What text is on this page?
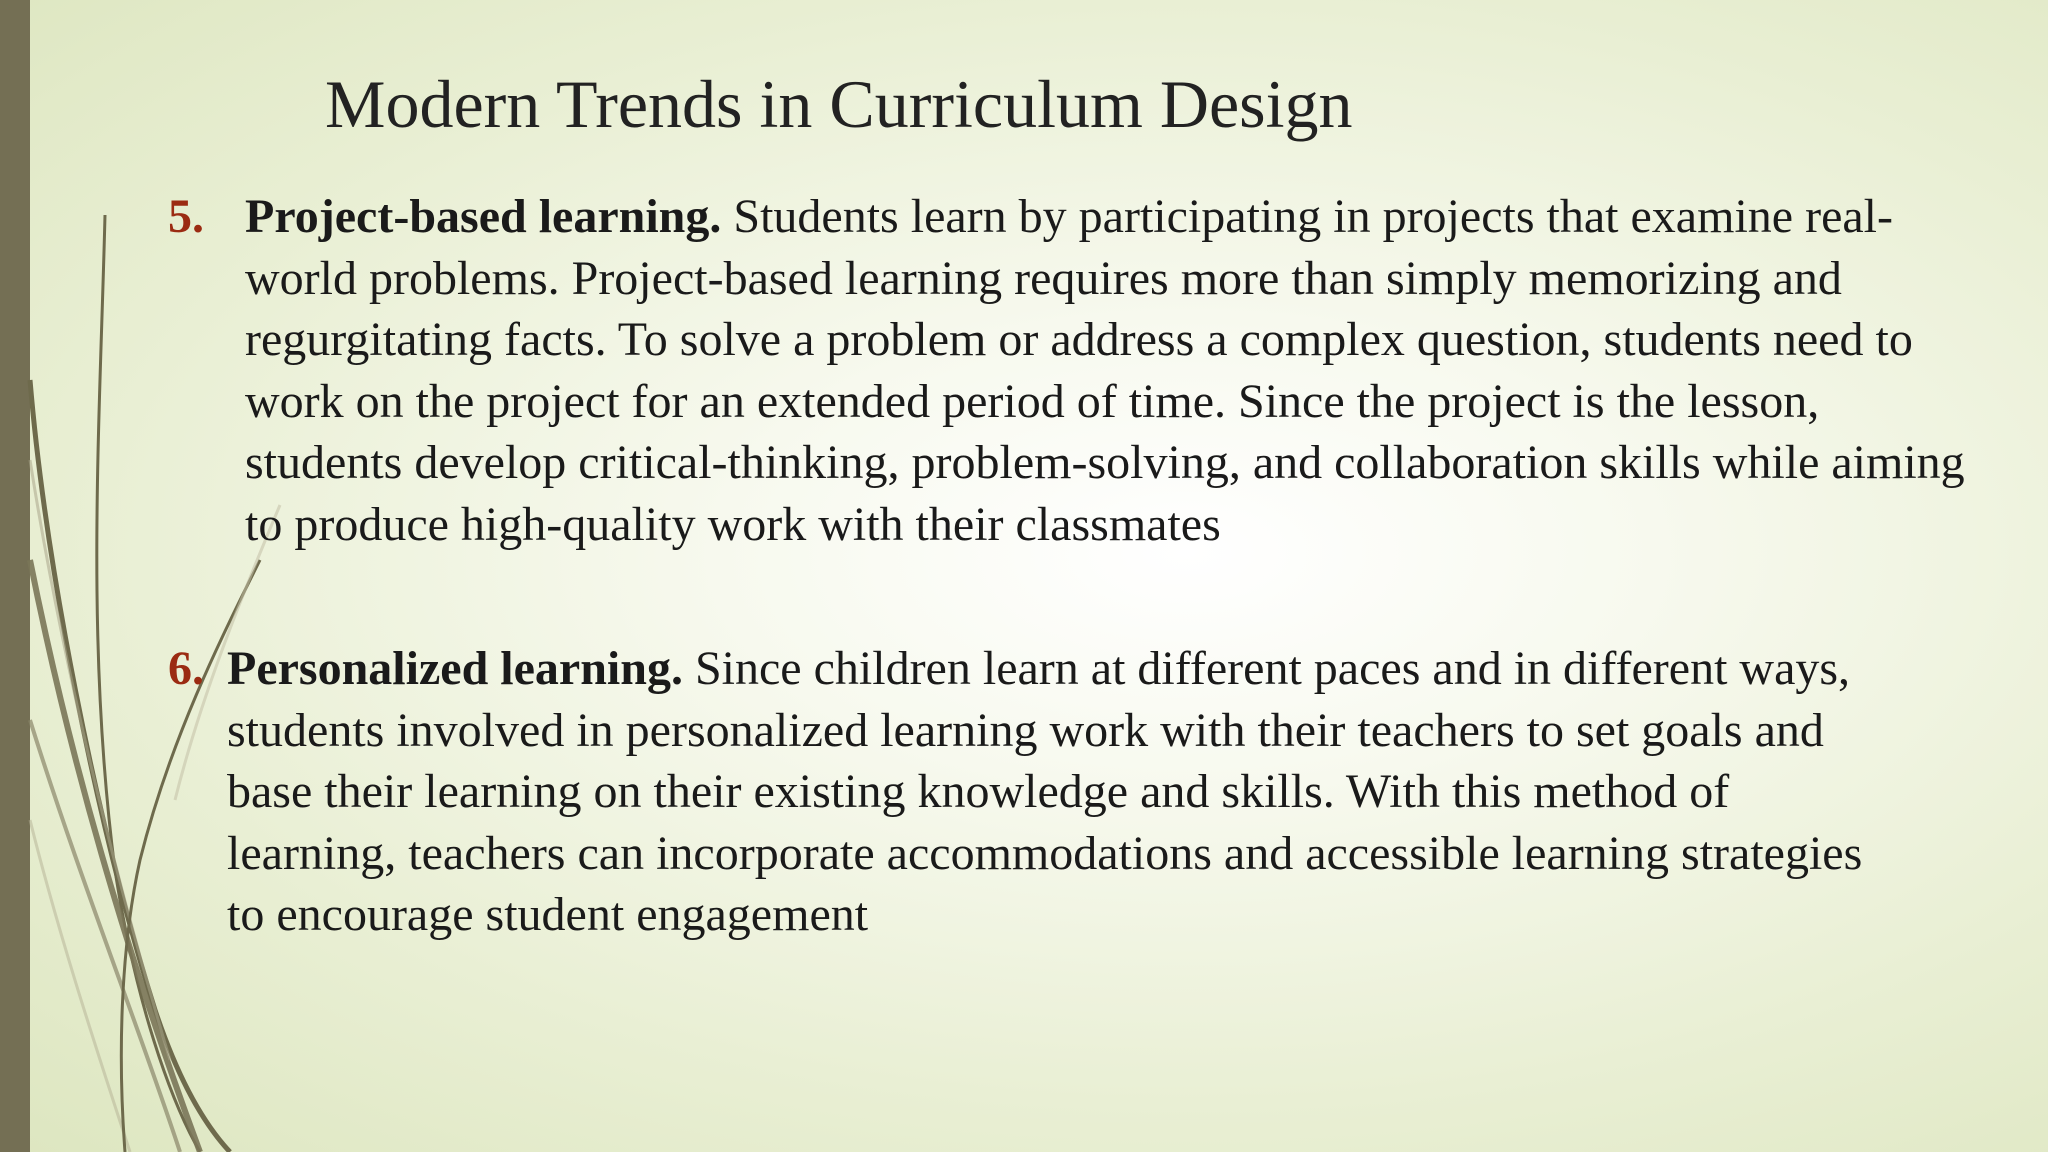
Modern Trends in Curriculum Design
5. Project-based learning. Students learn by participating in projects that examine real-world problems. Project-based learning requires more than simply memorizing and regurgitating facts. To solve a problem or address a complex question, students need to work on the project for an extended period of time. Since the project is the lesson, students develop critical-thinking, problem-solving, and collaboration skills while aiming to produce high-quality work with their classmates
6. Personalized learning. Since children learn at different paces and in different ways, students involved in personalized learning work with their teachers to set goals and base their learning on their existing knowledge and skills. With this method of learning, teachers can incorporate accommodations and accessible learning strategies to encourage student engagement
